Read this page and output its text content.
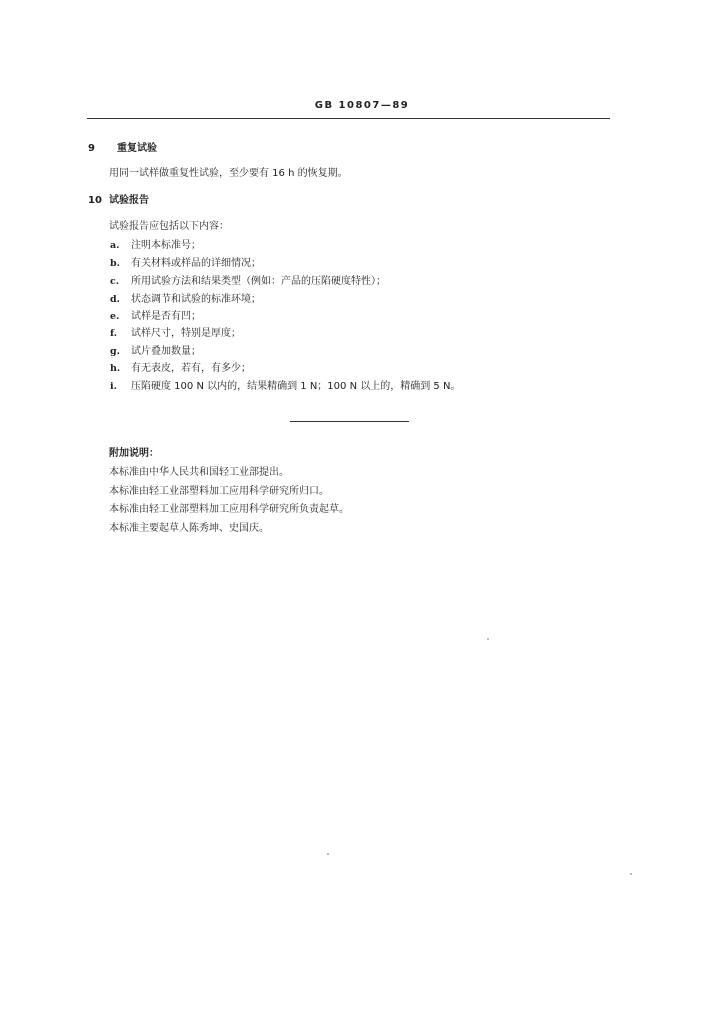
GB 10807—89
9 重复试验
用同一试样做重复性试验，至少要有 16 h 的恢复期。
10 试验报告
试验报告应包括以下内容：
a. 注明本标准号；
b. 有关材料或样品的详细情况；
c. 所用试验方法和结果类型（例如：产品的压陷硬度特性）；
d. 状态调节和试验的标准环境；
e. 试样是否有凹；
f. 试样尺寸，特别是厚度；
g. 试片叠加数量；
h. 有无表皮，若有，有多少；
i. 压陷硬度 100 N 以内的，结果精确到 1 N；100 N 以上的，精确到 5 N。
附加说明：
本标准由中华人民共和国轻工业部提出。
本标准由轻工业部塑料加工应用科学研究所归口。
本标准由轻工业部塑料加工应用科学研究所负责起草。
本标准主要起草人陈秀坤、史国庆。
